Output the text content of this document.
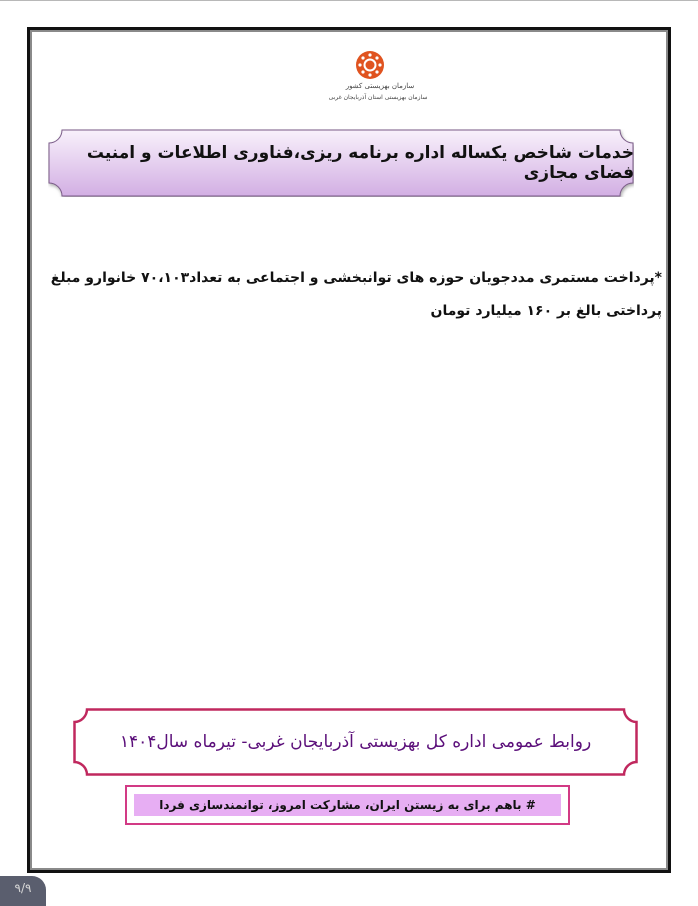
سازمان بهزیستی کشور
سازمان بهزیستی استان آذربایجان غربی
خدمات شاخص یکساله اداره برنامه ریزی،فناوری اطلاعات و امنیت فضای مجازی
*پرداخت مستمری مددجویان حوزه های توانبخشی و اجتماعی به تعداد۷۰،۱۰۳ خانوارو مبلغ پرداختی بالغ بر ۱۶۰ میلیارد تومان
روابط عمومی اداره کل بهزیستی آذربایجان غربی- تیرماه سال۱۴۰۴
# باهم برای به زیستن ایران، مشارکت امروز، توانمندسازی فردا
۹/۹
